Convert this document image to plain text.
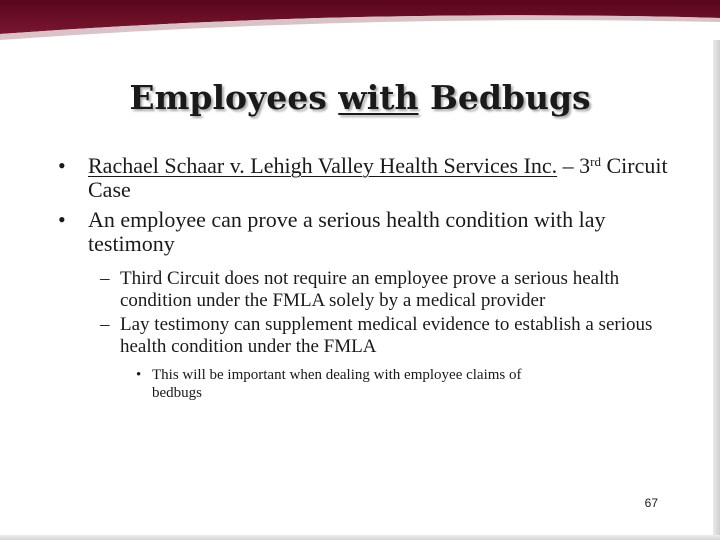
Employees with Bedbugs
• Rachael Schaar v. Lehigh Valley Health Services Inc. – 3rd Circuit Case
• An employee can prove a serious health condition with lay testimony
– Third Circuit does not require an employee prove a serious health condition under the FMLA solely by a medical provider
– Lay testimony can supplement medical evidence to establish a serious health condition under the FMLA
• This will be important when dealing with employee claims of bedbugs
67
